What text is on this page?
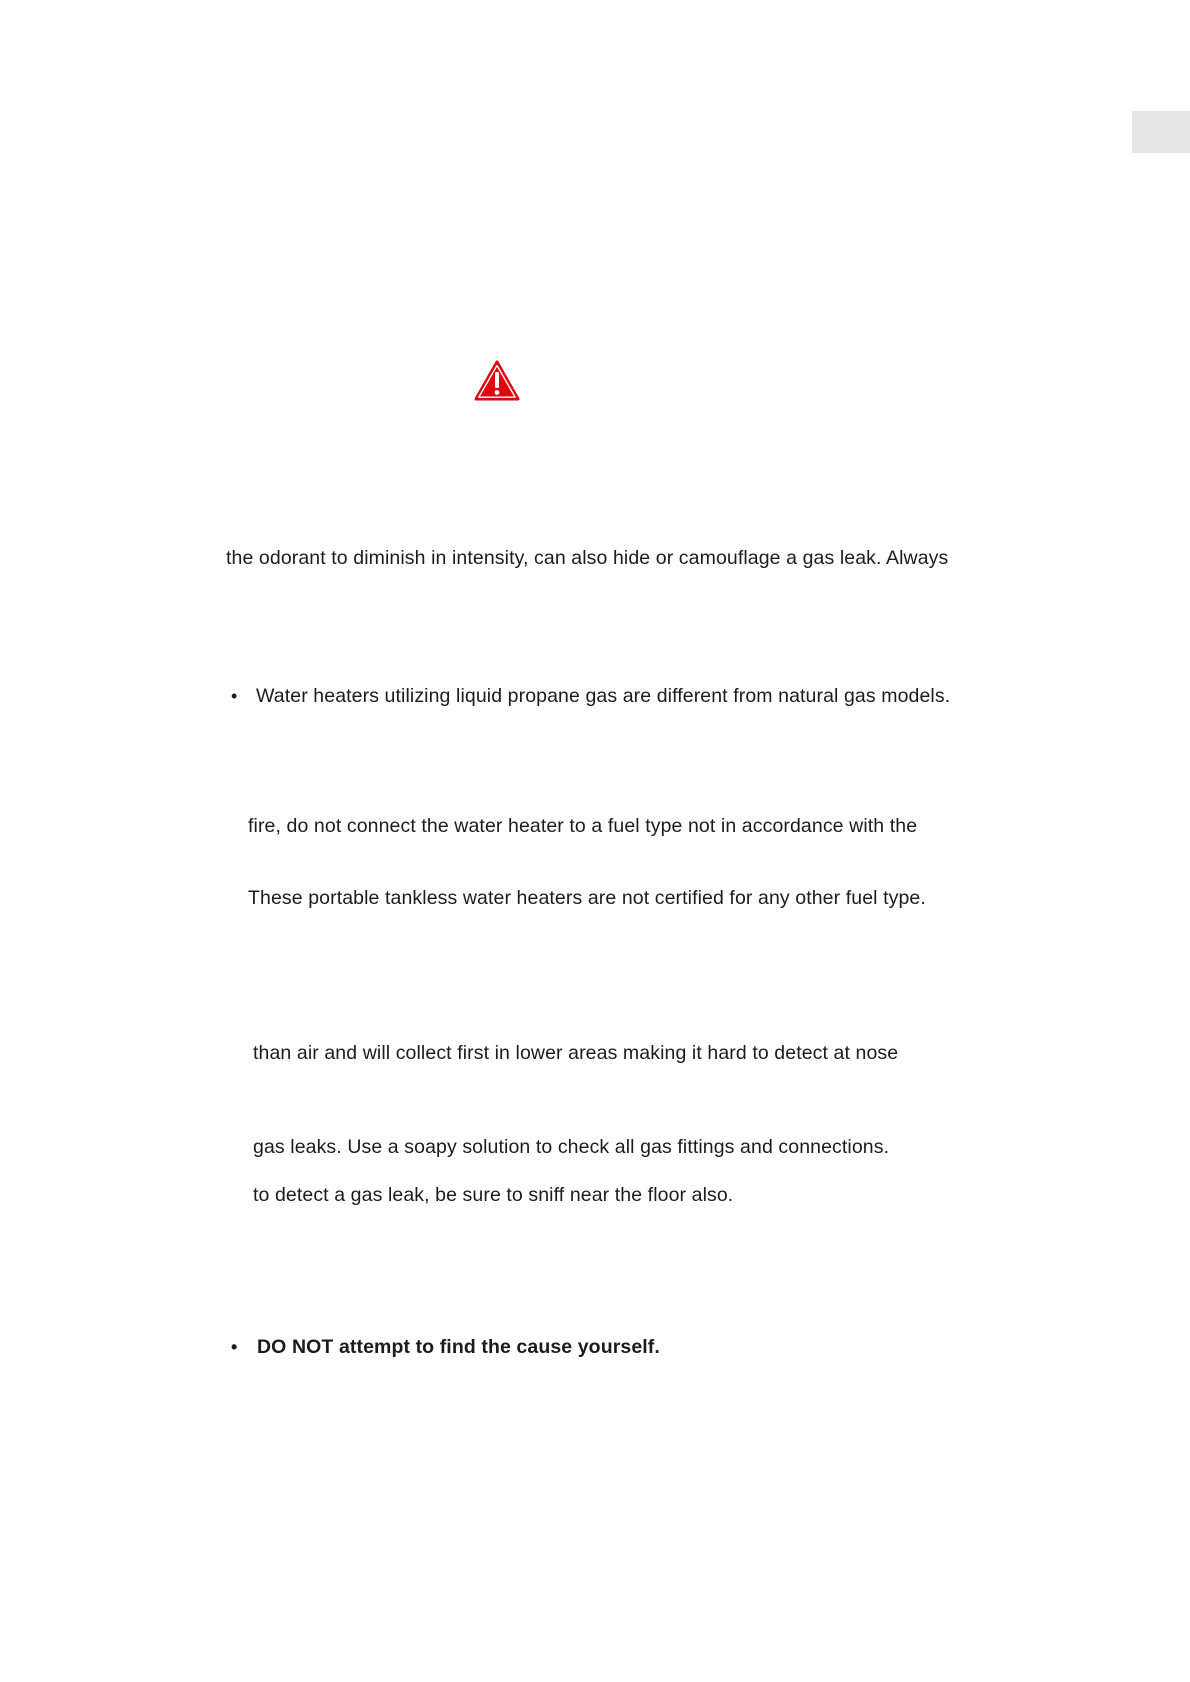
the odorant to diminish in intensity, can also hide or camouflage a gas leak. Always
• Water heaters utilizing liquid propane gas are different from natural gas models.
fire, do not connect the water heater to a fuel type not in accordance with the
These portable tankless water heaters are not certified for any other fuel type.
than air and will collect first in lower areas making it hard to detect at nose
gas leaks. Use a soapy solution to check all gas fittings and connections.
to detect a gas leak, be sure to sniff near the floor also.
• DO NOT attempt to find the cause yourself.
